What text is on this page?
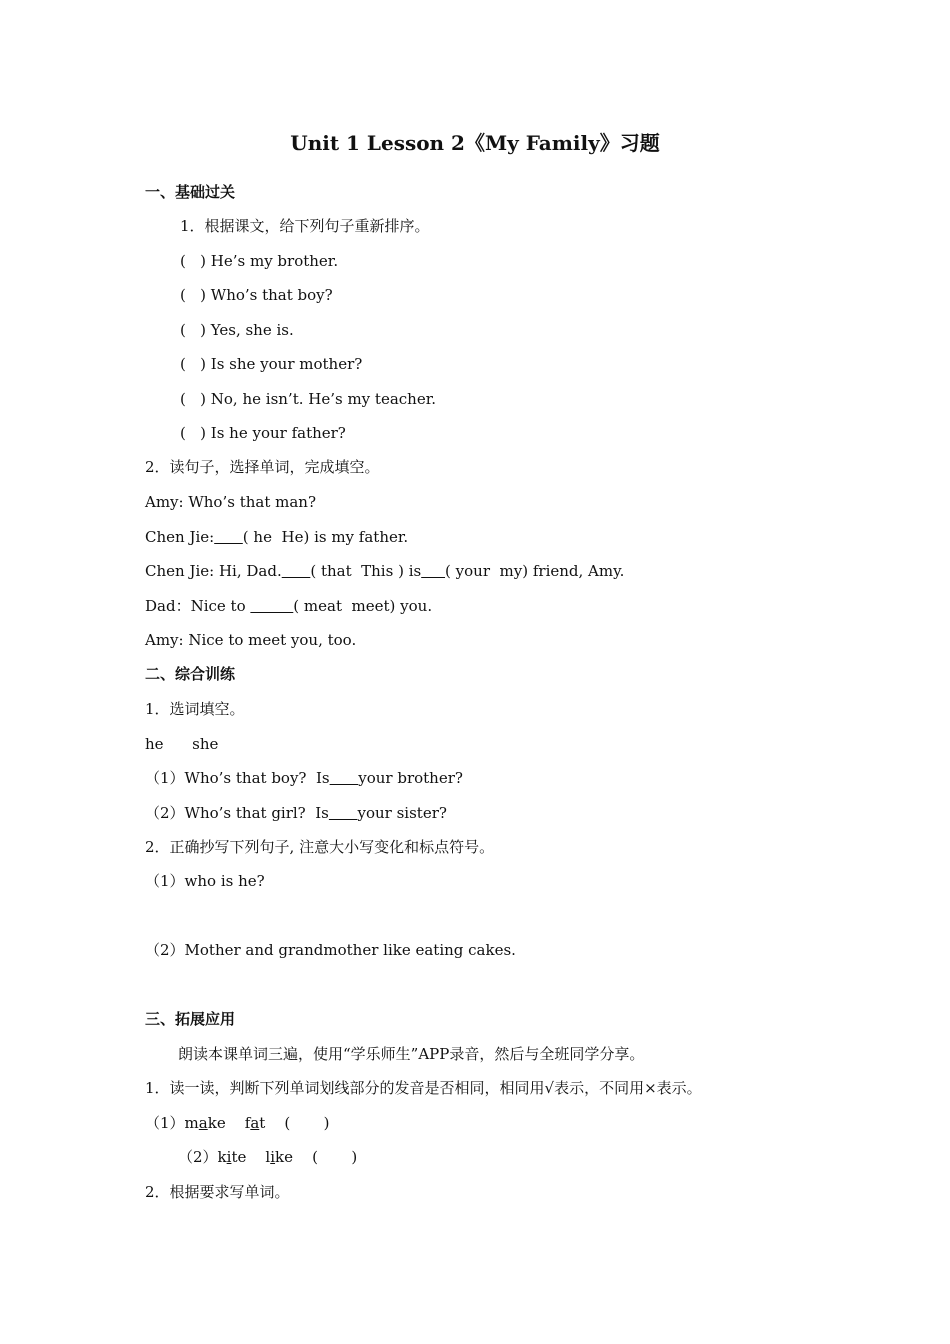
Unit 1 Lesson 2《My Family》习题
一、基础过关
1．根据课文，给下列句子重新排序。
(   ) He’s my brother.
(   ) Who’s that boy?
(   ) Yes, she is.
(   ) Is she your mother?
(   ) No, he isn’t. He’s my teacher.
(   ) Is he your father?
2．读句子，选择单词，完成填空。
Amy: Who’s that man?
Chen Jie: ( he  He) is my father.
Chen Jie: Hi, Dad. ( that  This ) is ( your  my) friend, Amy.
Dad：Nice to	( meat  meet) you.
Amy: Nice to meet you, too.
二、综合训练
1．选词填空。
he      she
（1）Who’s that boy?  Is your brother?
（2）Who’s that girl?  Is your sister?
2．正确抄写下列句子, 注意大小写变化和标点符号。
（1）who is he?
（2）Mother and grandmother like eating cakes.
三、拓展应用
朗读本课单词三遍，使用“学乐师生”APP录音，然后与全班同学分享。
1．读一读，判断下列单词划线部分的发音是否相同，相同用√表示，不同用×表示。
（1）make    fat    (       )
（2）kite    like    (       )
2．根据要求写单词。
